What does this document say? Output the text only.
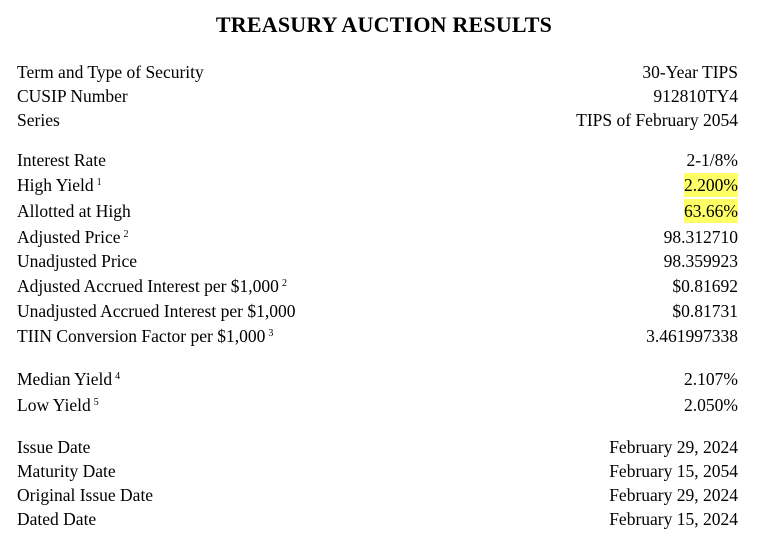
TREASURY AUCTION RESULTS
Term and Type of Security	30-Year TIPS
CUSIP Number	912810TY4
Series	TIPS of February 2054
Interest Rate	2-1/8%
High Yield $^1$	2.200%
Allotted at High	63.66%
Adjusted Price $^2$	98.312710
Unadjusted Price	98.359923
Adjusted Accrued Interest per $1,000 $^2$	$0.81692
Unadjusted Accrued Interest per $1,000	$0.81731
TIIN Conversion Factor per $1,000 $^3$	3.461997338
Median Yield $^4$	2.107%
Low Yield $^5$	2.050%
Issue Date	February 29, 2024
Maturity Date	February 15, 2054
Original Issue Date	February 29, 2024
Dated Date	February 15, 2024
